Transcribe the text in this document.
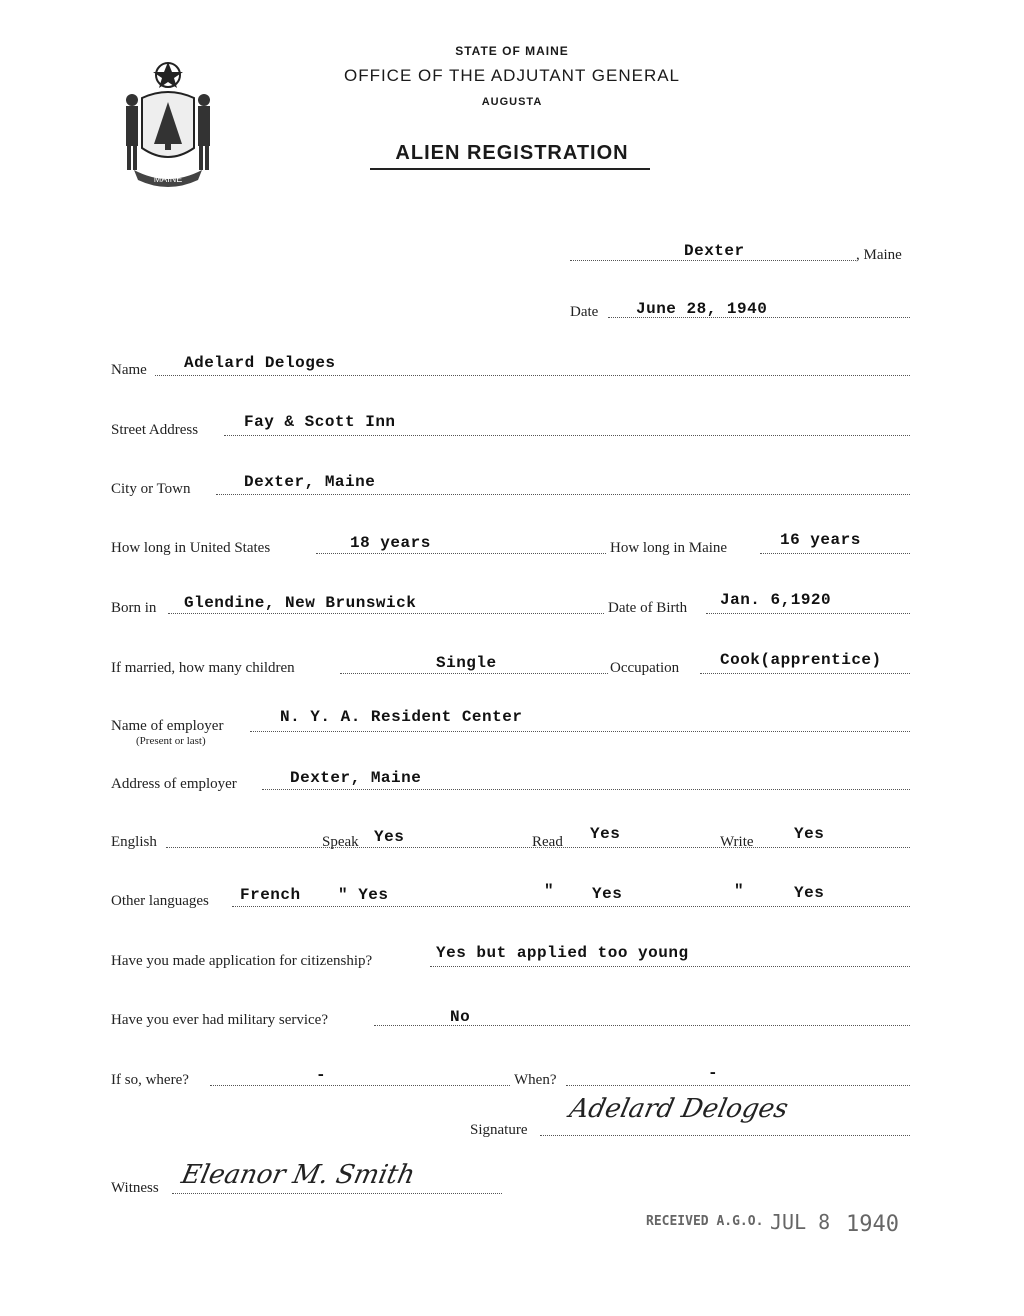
MAINE
STATE OF MAINE
OFFICE OF THE ADJUTANT GENERAL
AUGUSTA
ALIEN REGISTRATION
Dexter	, Maine
Date June 28, 1940
Name Adelard Deloges
Street Address	Fay & Scott Inn
City or Town	Dexter, Maine
How long in United States	18 years	How long in Maine	16 years
Born in Glendine, New Brunswick	Date of Birth Jan. 6,1920
If married, how many children	Single	Occupation	Cook(apprentice)
Name of employer
(Present or last)
N. Y. A. Resident Center
Address of employer	Dexter, Maine
English	Speak Yes	Read Yes	Write	Yes
Other languages French " Yes	" Yes	"	Yes
Have you made application for citizenship?	Yes but applied too young
Have you ever had military service?	No
If so, where?	-	When?	-
Signature
Adelard Deloges
Witness Eleanor M. Smith
RECEIVED A.G.O. JUL 8 1940
